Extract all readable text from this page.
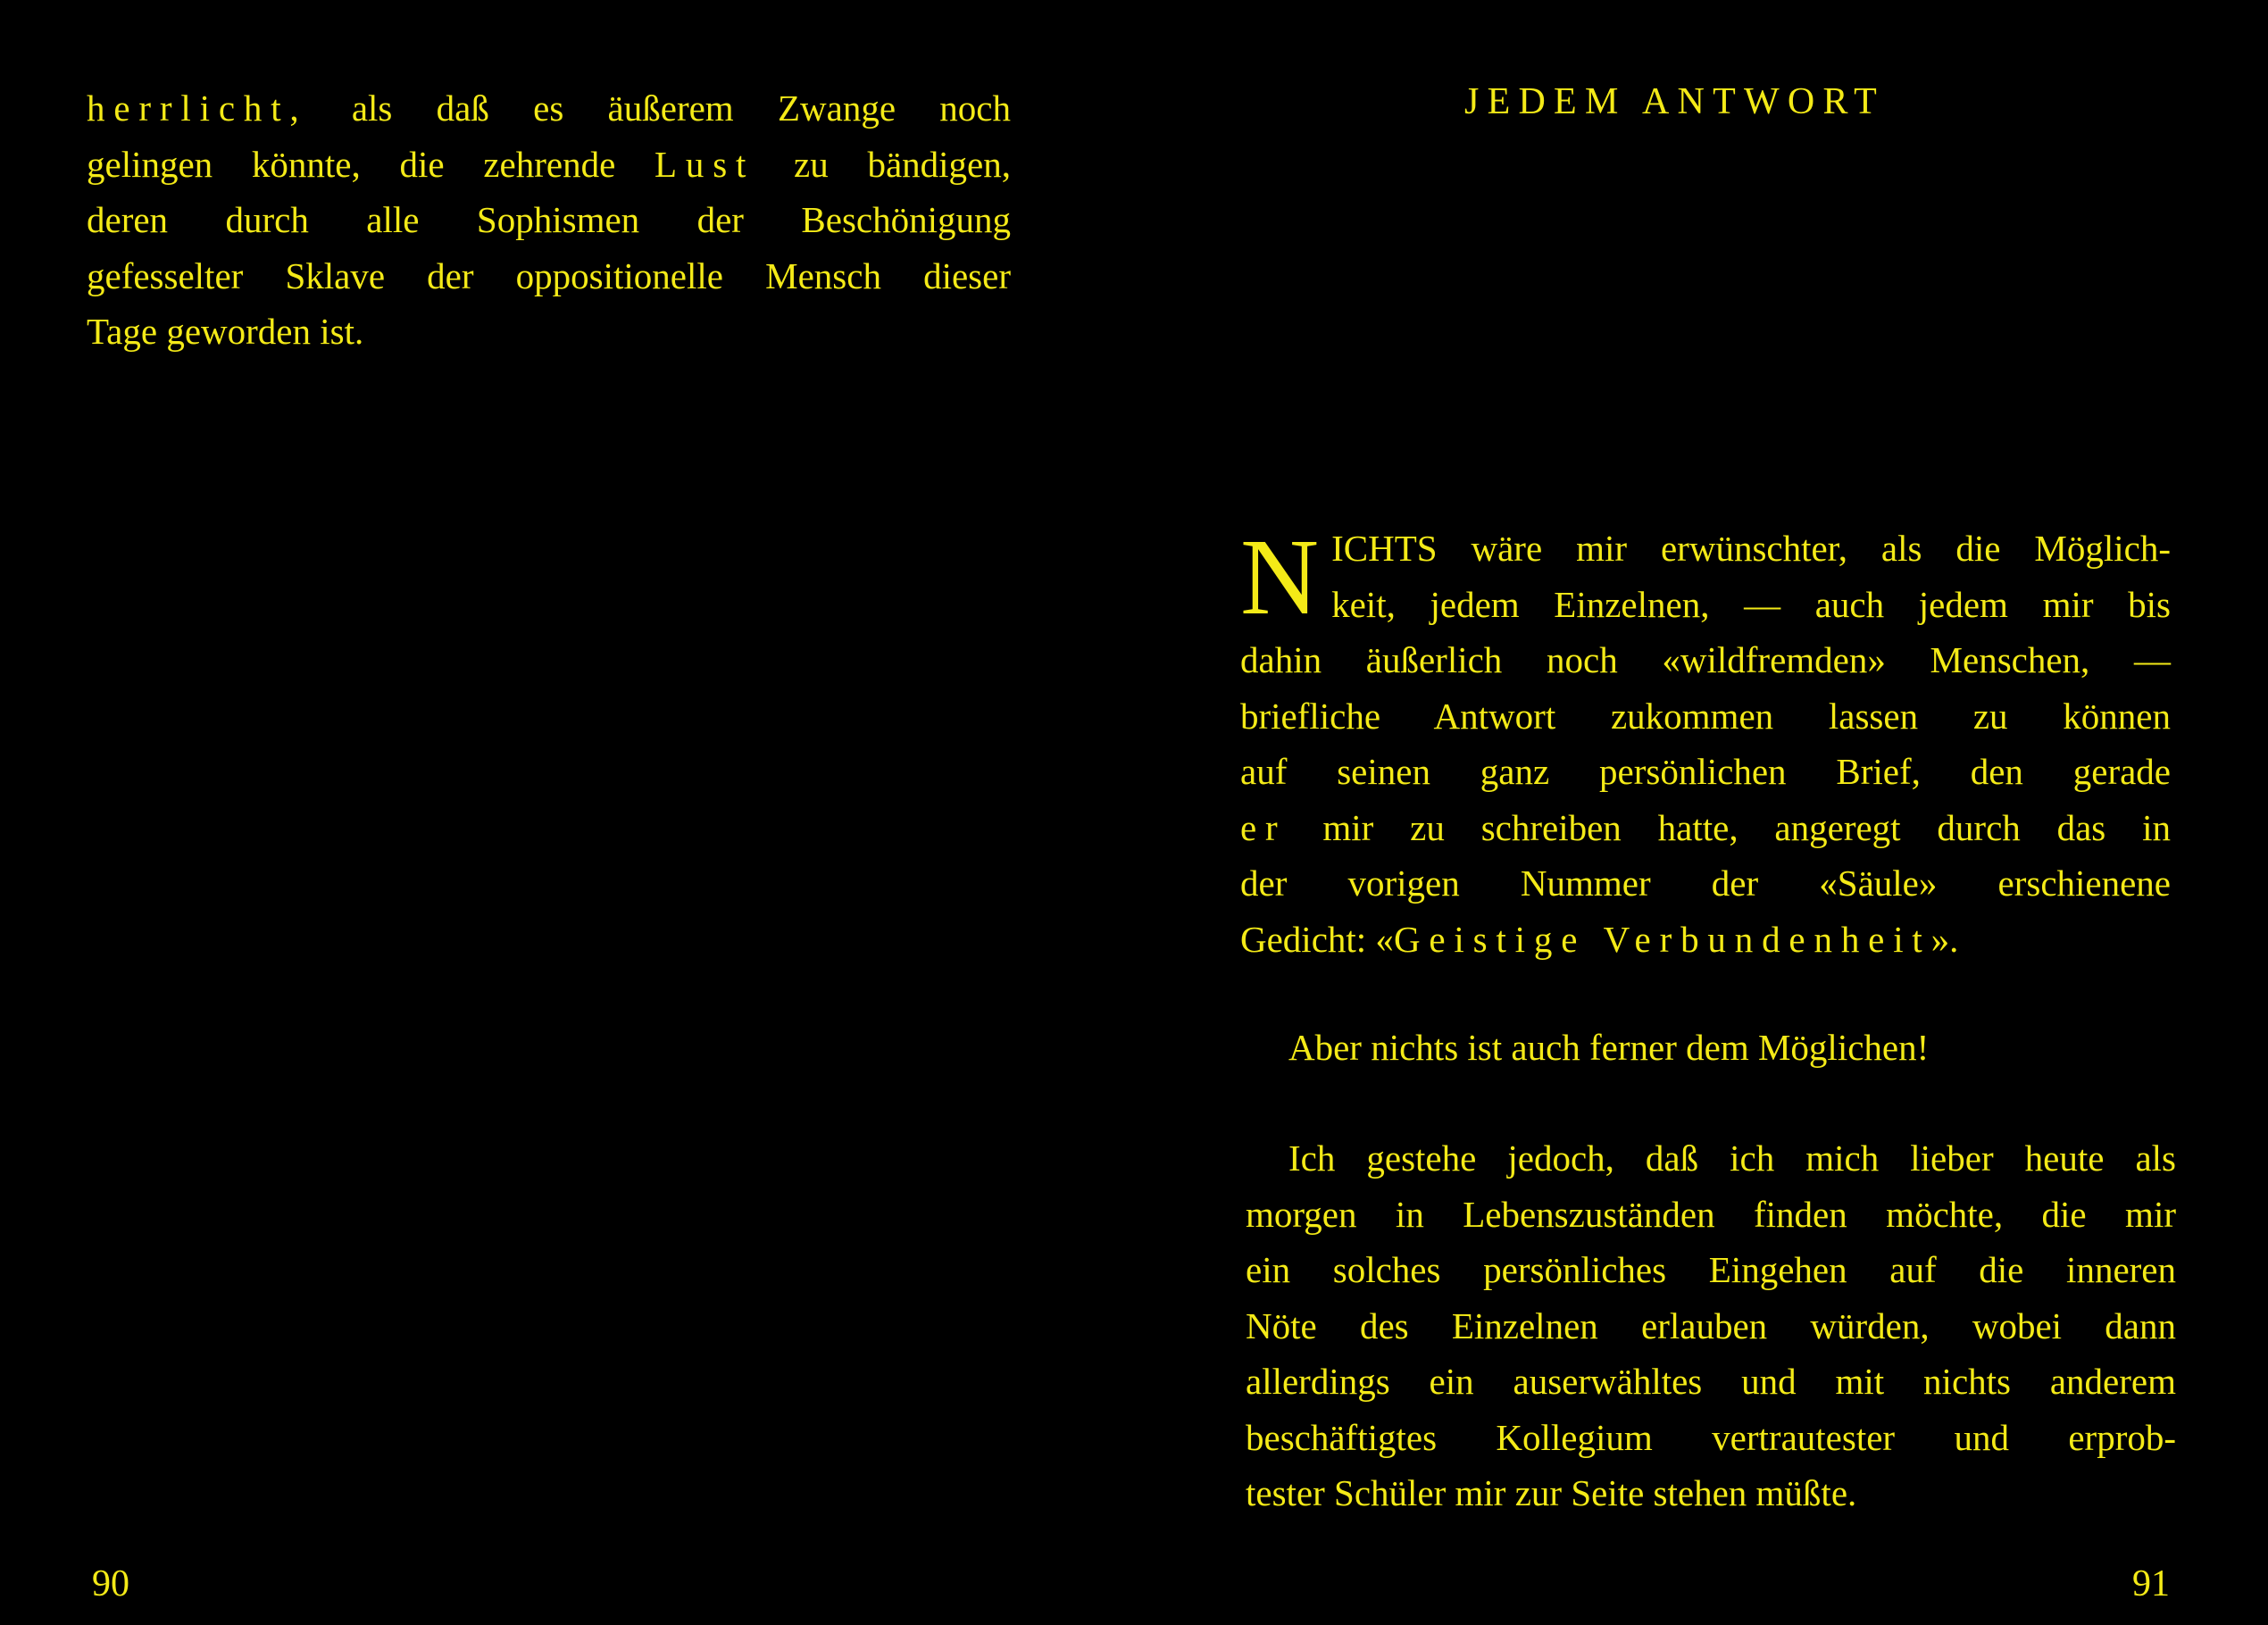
herrlicht, als daß es äußerem Zwange noch
gelingen könnte, die zehrende Lust zu bändigen,
deren durch alle Sophismen der Beschönigung
gefesselter Sklave der oppositionelle Mensch dieser
Tage geworden ist.

90

JEDEM ANTWORT
N ICHTS wäre mir erwünschter, als die Möglich-
keit, jedem Einzelnen, — auch jedem mir bis
dahin äußerlich noch «wildfremden» Menschen, —
briefliche Antwort zukommen lassen zu können
auf seinen ganz persönlichen Brief, den gerade
er mir zu schreiben hatte, angeregt durch das in
der vorigen Nummer der «Säule» erschienene
Gedicht: «Geistige Verbundenheit».

Aber nichts ist auch ferner dem Möglichen!

Ich gestehe jedoch, daß ich mich lieber heute als
morgen in Lebenszuständen finden möchte, die mir
ein solches persönliches Eingehen auf die inneren
Nöte des Einzelnen erlauben würden, wobei dann
allerdings ein auserwähltes und mit nichts anderem
beschäftigtes Kollegium vertrautester und erprob-
tester Schüler mir zur Seite stehen müßte.

91
